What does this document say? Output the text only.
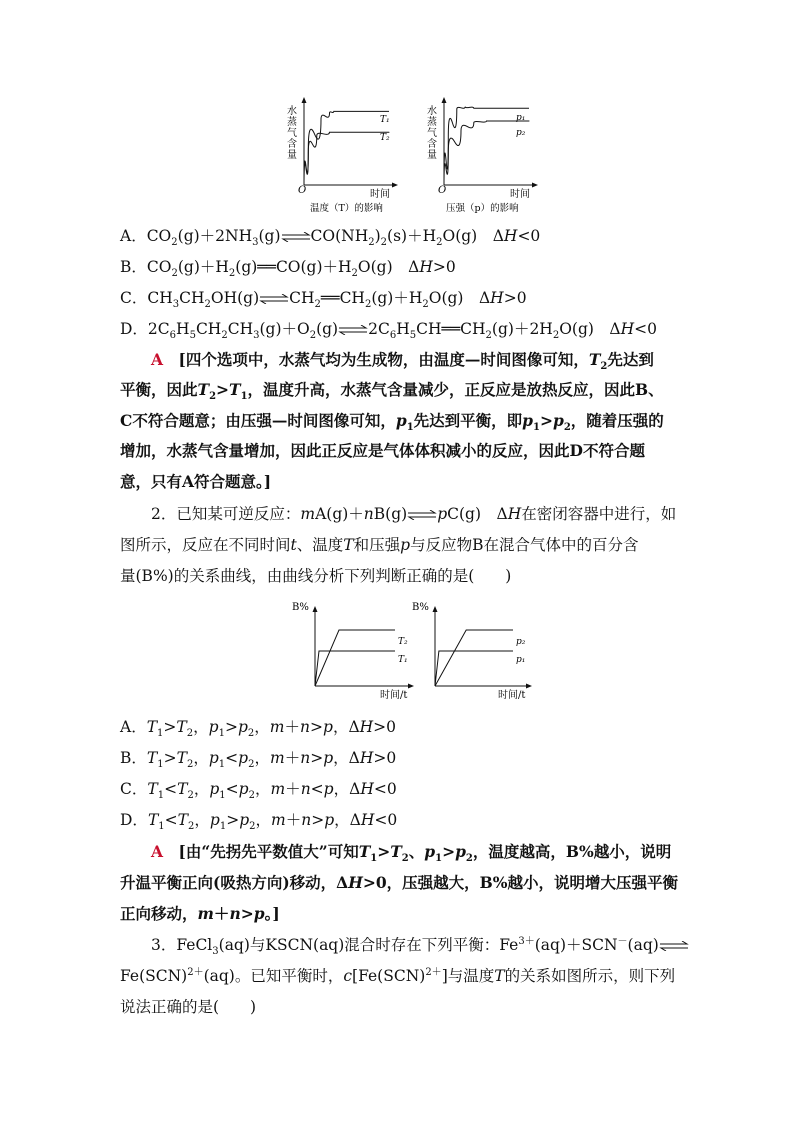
水蒸气含量
O	时间
温度（T）的影响
T₁
T₂	水蒸气含量
O	时间
压强（p）的影响
p₁
p₂
A．$CO_2(g)+2NH_3(g)\rightleftharpoons CO(NH_2)_2(s)+H_2O(g)$　ΔH<0
B．$CO_2(g)+H_2(g)══CO(g)+H_2O(g)$　ΔH>0
C．$CH_3CH_2OH(g)\rightleftharpoons CH_2══CH_2(g)+H_2O(g)$　ΔH>0
D．$2C_6H_5CH_2CH_3(g)+O_2(g)\rightleftharpoons 2C_6H_5CH══CH_2(g)+2H_2O(g)$　ΔH<0
A　[四个选项中，水蒸气均为生成物，由温度—时间图像可知，$T_2$先达到
平衡，因此$T_2>T_1$，温度升高，水蒸气含量减少，正反应是放热反应，因此B、
C不符合题意；由压强—时间图像可知，$p_1$先达到平衡，即$p_1>p_2$，随着压强的
增加，水蒸气含量增加，因此正反应是气体体积减小的反应，因此D不符合题
意，只有A符合题意。]
2．已知某可逆反应：mA(g)＋nB(g)⇌pC(g)　ΔH在密闭容器中进行，如
图所示，反应在不同时间t、温度T和压强p与反应物B在混合气体中的百分含
量(B%)的关系曲线，由曲线分析下列判断正确的是(　　)
B%
时间/t
T₂
T₁
B%
时间/t
p₂
p₁
A．$T_1>T_2$，$p_1>p_2$，m＋n>p，ΔH>0
B．$T_1>T_2$，$p_1<p_2$，m＋n>p，ΔH>0
C．$T_1<T_2$，$p_1<p_2$，m＋n<p，ΔH<0
D．$T_1<T_2$，$p_1>p_2$，m＋n>p，ΔH<0
A　[由“先拐先平数值大”可知$T_1>T_2$、$p_1>p_2$，温度越高，B%越小，说明
升温平衡正向(吸热方向)移动，ΔH>0，压强越大，B%越小，说明增大压强平衡
正向移动，m＋n>p。]
3．FeCl$_3$(aq)与KSCN(aq)混合时存在下列平衡：$Fe^{3+}(aq)+SCN^-(aq)\rightleftharpoons$
Fe(SCN)$^{2+}$(aq)。已知平衡时，c[Fe(SCN)$^{2+}$]与温度T的关系如图所示，则下列
说法正确的是(　　)
